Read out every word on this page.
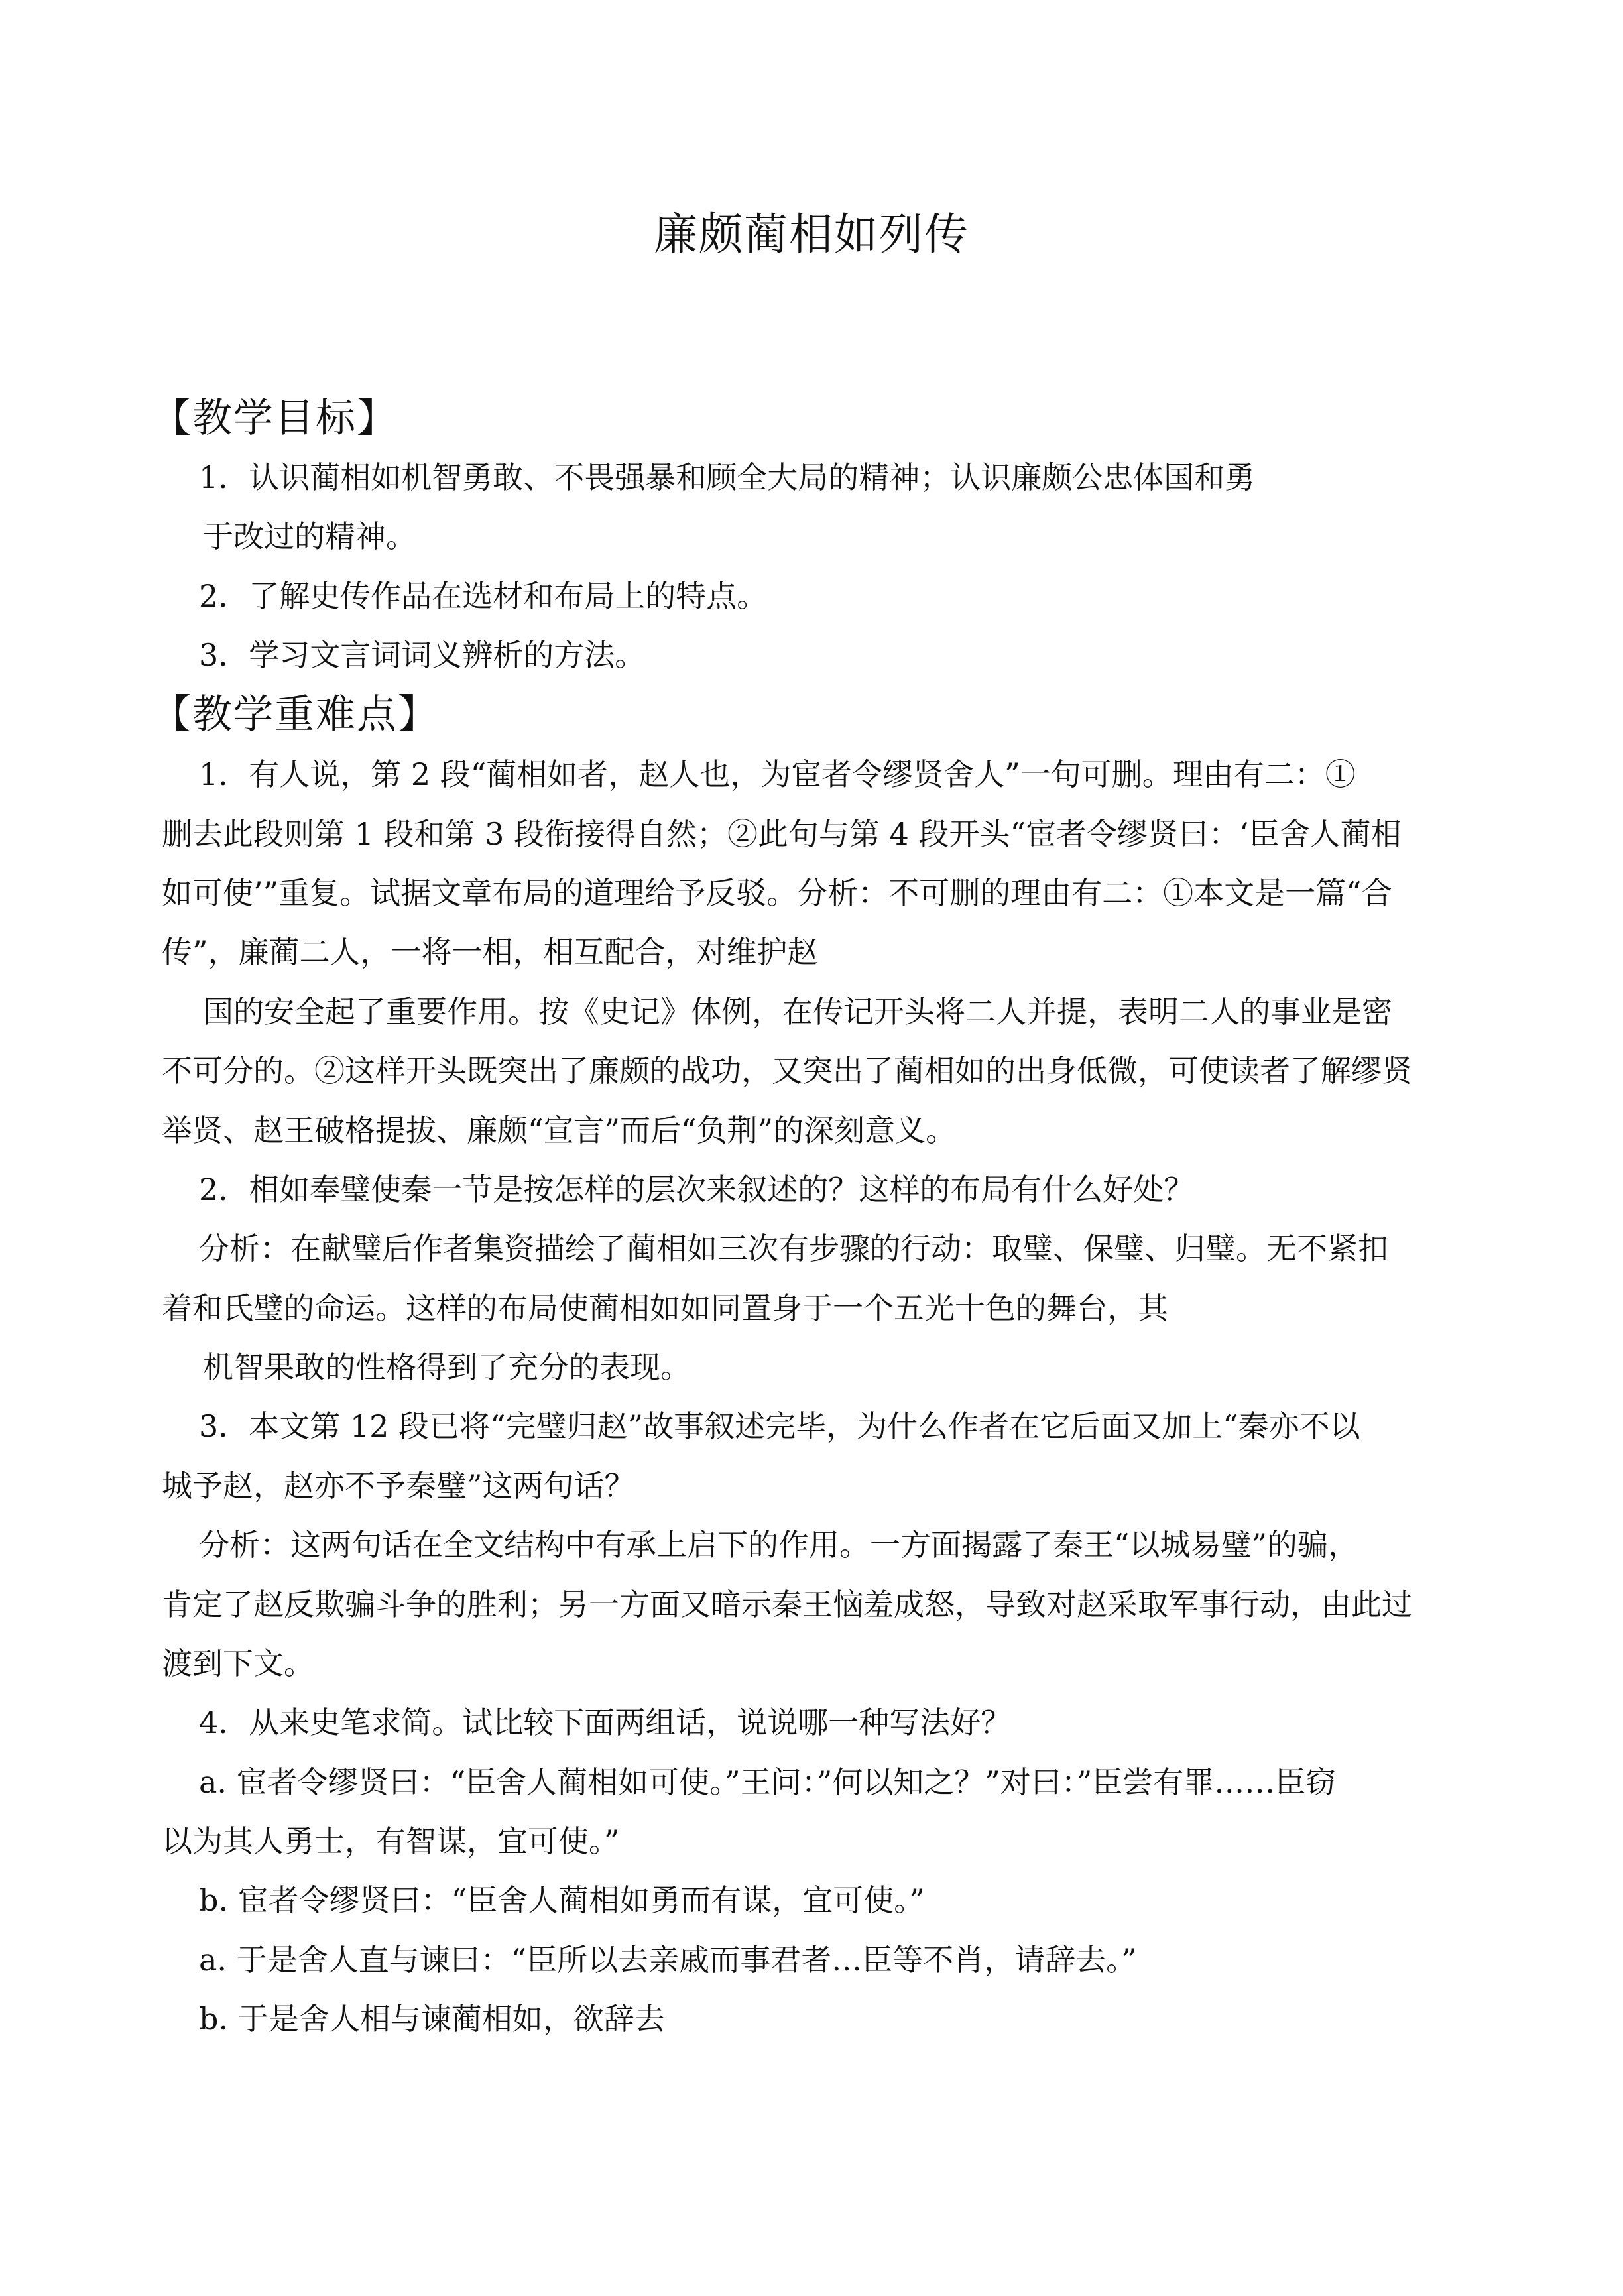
廉颇蔺相如列传
【教学目标】
1．认识蔺相如机智勇敢、不畏强暴和顾全大局的精神；认识廉颇公忠体国和勇
于改过的精神。
2．了解史传作品在选材和布局上的特点。
3．学习文言词词义辨析的方法。
【教学重难点】
1．有人说，第 2 段“蔺相如者，赵人也，为宦者令缪贤舍人”一句可删。理由有二：①
删去此段则第 1 段和第 3 段衔接得自然；②此句与第 4 段开头“宦者令缪贤曰：‘臣舍人蔺相
如可使’”重复。试据文章布局的道理给予反驳。分析：不可删的理由有二：①本文是一篇“合
传”，廉蔺二人，一将一相，相互配合，对维护赵
国的安全起了重要作用。按《史记》体例，在传记开头将二人并提，表明二人的事业是密
不可分的。②这样开头既突出了廉颇的战功，又突出了蔺相如的出身低微，可使读者了解缪贤
举贤、赵王破格提拔、廉颇“宣言”而后“负荆”的深刻意义。
2．相如奉璧使秦一节是按怎样的层次来叙述的？这样的布局有什么好处？
分析：在献璧后作者集资描绘了蔺相如三次有步骤的行动：取璧、保璧、归璧。无不紧扣
着和氏璧的命运。这样的布局使蔺相如如同置身于一个五光十色的舞台，其
机智果敢的性格得到了充分的表现。
3．本文第 12 段已将“完璧归赵”故事叙述完毕，为什么作者在它后面又加上“秦亦不以
城予赵，赵亦不予秦璧”这两句话？
分析：这两句话在全文结构中有承上启下的作用。一方面揭露了秦王“以城易璧”的骗，
肯定了赵反欺骗斗争的胜利；另一方面又暗示秦王恼羞成怒，导致对赵采取军事行动，由此过
渡到下文。
4．从来史笔求简。试比较下面两组话，说说哪一种写法好？
a. 宦者令缪贤曰：“臣舍人蔺相如可使。”王问：”何以知之？”对曰：”臣尝有罪……臣窃
以为其人勇士，有智谋，宜可使。”
b. 宦者令缪贤曰：“臣舍人蔺相如勇而有谋，宜可使。”
a. 于是舍人直与谏曰：“臣所以去亲戚而事君者…臣等不肖，请辞去。”
b. 于是舍人相与谏蔺相如，欲辞去
